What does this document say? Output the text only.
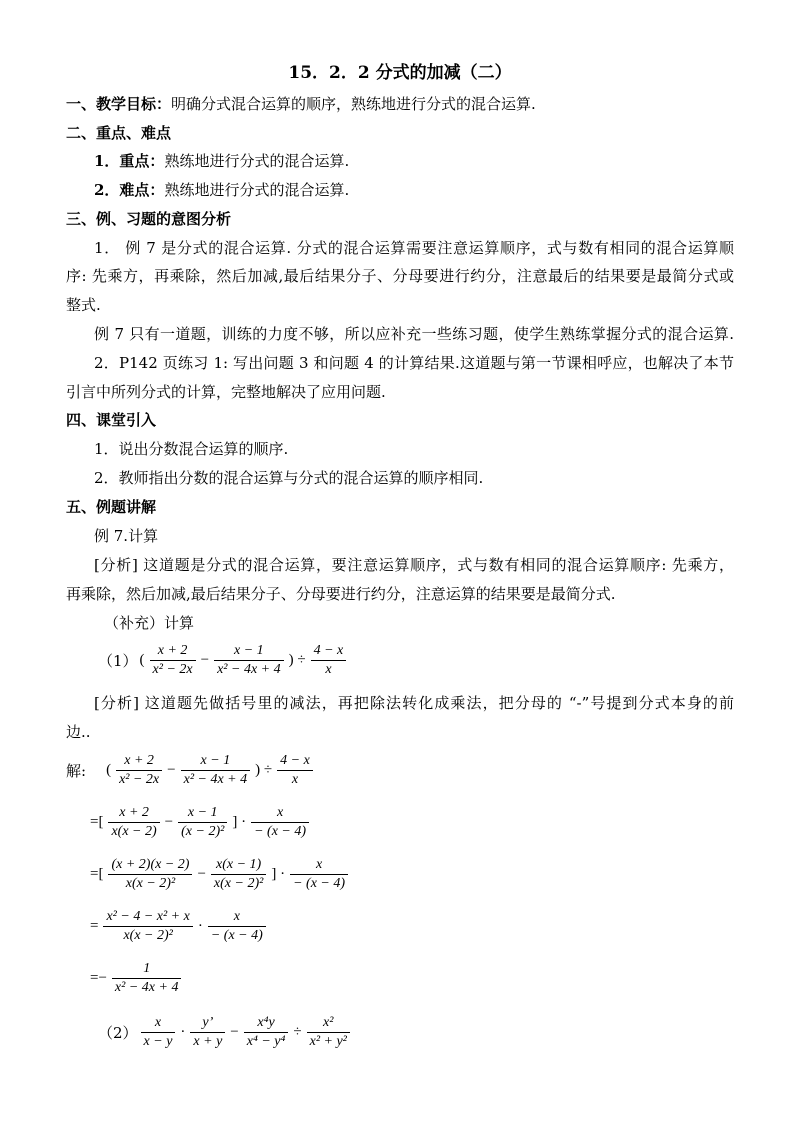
15．2．2 分式的加减（二）
一、教学目标：明确分式混合运算的顺序，熟练地进行分式的混合运算.
二、重点、难点
1．重点：熟练地进行分式的混合运算.
2．难点：熟练地进行分式的混合运算.
三、例、习题的意图分析
1． 例 7 是分式的混合运算. 分式的混合运算需要注意运算顺序，式与数有相同的混合运算顺
序: 先乘方，再乘除，然后加减,最后结果分子、分母要进行约分，注意最后的结果要是最简分式或
整式.
例 7 只有一道题，训练的力度不够，所以应补充一些练习题，使学生熟练掌握分式的混合运算.
2．P142 页练习 1: 写出问题 3 和问题 4 的计算结果.这道题与第一节课相呼应，也解决了本节
引言中所列分式的计算，完整地解决了应用问题.
四、课堂引入
1．说出分数混合运算的顺序.
2．教师指出分数的混合运算与分式的混合运算的顺序相同.
五、例题讲解
例 7.计算
[分析] 这道题是分式的混合运算，要注意运算顺序，式与数有相同的混合运算顺序: 先乘方，
再乘除，然后加减,最后结果分子、分母要进行约分，注意运算的结果要是最简分式.
（补充）计算
（1） ( $\frac{x + 2}{\text{x² − 2x}} - \frac{x - 1}{\text{x² − 4x + 4}}$ ) ÷ $\frac{4 - x}{x}$
[分析] 这道题先做括号里的减法，再把除法转化成乘法，把分母的 “-”号提到分式本身的前
边..
解: ( $\frac{x + 2}{\text{x² − 2x}} - \frac{x - 1}{\text{x² − 4x + 4}}$ ) ÷ $\frac{4 - x}{x}$
=[ $\frac{x + 2}{x(x - 2)} - \frac{x - 1}{\text{(x − 2)²}}$ ] · $\frac{x}{- (x - 4)}$
=[ $\frac{(x + 2)(x - 2)}{\text{x(x − 2)²}} - \frac{x(x - 1)}{\text{x(x − 2)²}}$ ] · $\frac{x}{- (x - 4)}$
= $\frac{\text{x² − 4 − x² + x}}{\text{x(x − 2)²}} \cdot \frac{x}{- (x - 4)}$
=− $\frac{1}{\text{x² − 4x + 4}}$
$(2) \frac{x}{x - y} \cdot \frac{y’}{x + y} - \frac{\text{x⁴y}}{\text{x⁴ − y⁴}} \div \frac{\text{x²}}{\text{x² + y²}}$
